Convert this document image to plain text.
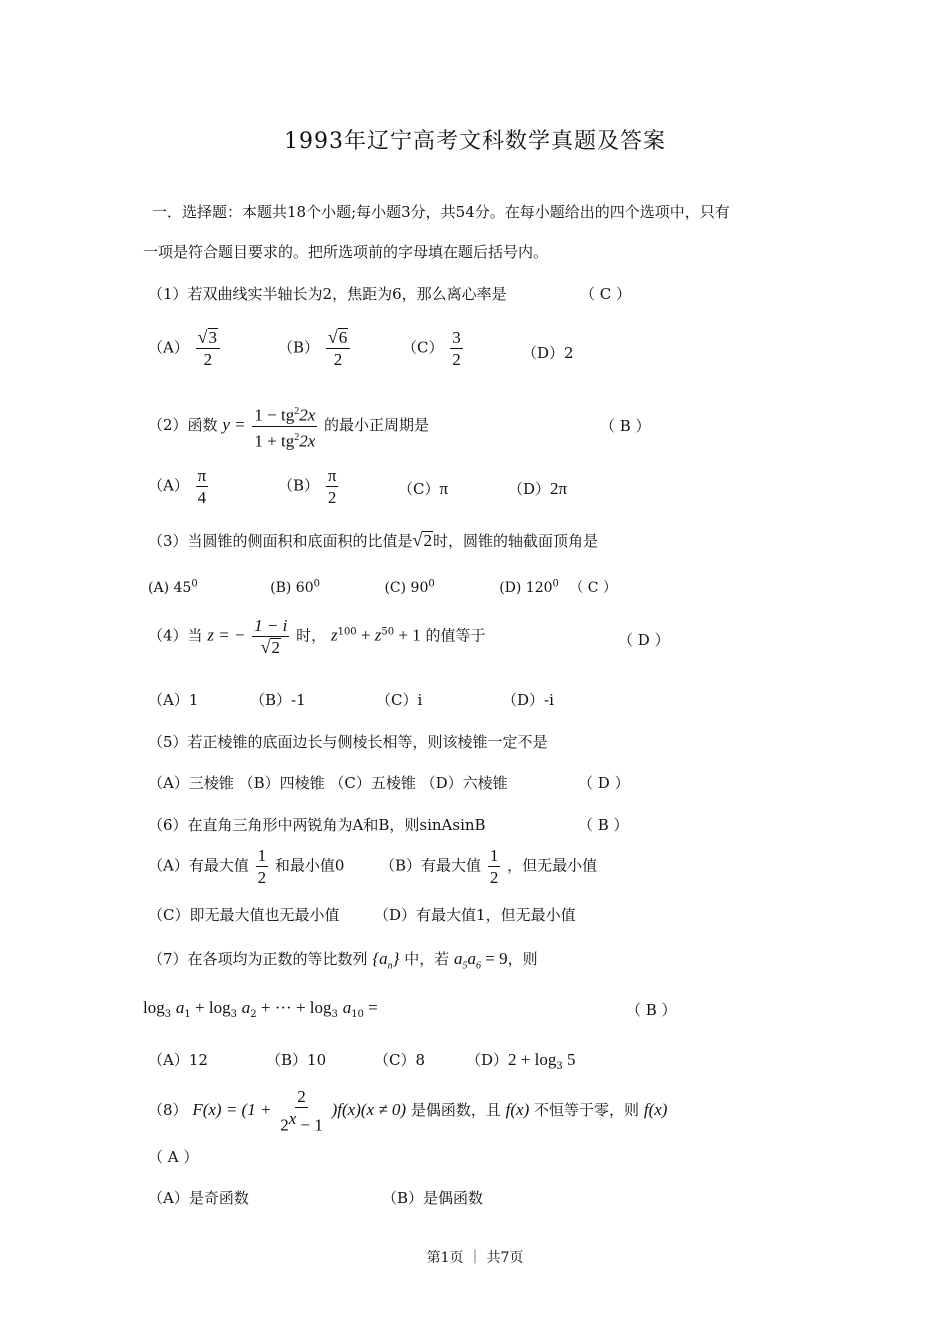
1993年辽宁高考文科数学真题及答案
一．选择题：本题共18个小题;每小题3分，共54分。在每小题给出的四个选项中，只有
一项是符合题目要求的。把所选项前的字母填在题后括号内。
（1）若双曲线实半轴长为2，焦距为6，那么离心率是	（ C ）
$(A) \frac{√ 3}{2}$	$(B) \frac{√ 6}{2}$	$(C) \frac{3}{2}$	（D）2
（2）函数 $y = \frac{1 - tg^22x}{1 + tg^22x}$ 的最小正周期是	（ B ）
$(A) \frac{\pi}{4}$	$(B) \frac{\pi}{2}$	（C）π	（D）2π
（3）当圆锥的侧面积和底面积的比值是 √ 2 时，圆锥的轴截面顶角是
(A) $45^0$	(B) $60^0$	(C) $90^0$	(D) $120^0$ （ C ）
（4）当 z = − $\frac{1 - i}{√ 2}$ 时， $z^{100} + z^{50} + 1$ 的值等于	（ D ）
（A）1	（B）-1	（C）i	（D）-i
（5）若正棱锥的底面边长与侧棱长相等，则该棱锥一定不是
（A）三棱锥 （B）四棱锥 （C）五棱锥 （D）六棱锥	（ D ）
（6）在直角三角形中两锐角为A和B，则sinAsinB	（ B ）
（A）有最大值 $\frac{1}{2}$ 和最小值0 （B）有最大值 $\frac{1}{2}$ ，但无最小值
（C）即无最大值也无最小值 （D）有最大值1，但无最小值
（7）在各项均为正数的等比数列 $\{a_n\}$ 中，若 $a_5a_6 = 9$，则
$\log_3 a_1 + \log_3 a_2$ + ··· + $\log_3 a_{10}$ =	（ B ）
（A）12	（B）10	（C）8	$(D)2 + \log_3 5$
（8） $F(x) = (1 + \frac{2}{2^x - 1} )f(x)(x \ne 0)$ 是偶函数，且 f(x) 不恒等于零，则 f(x)
（ A ）
（A）是奇函数	（B）是偶函数
第1页 ｜ 共7页
